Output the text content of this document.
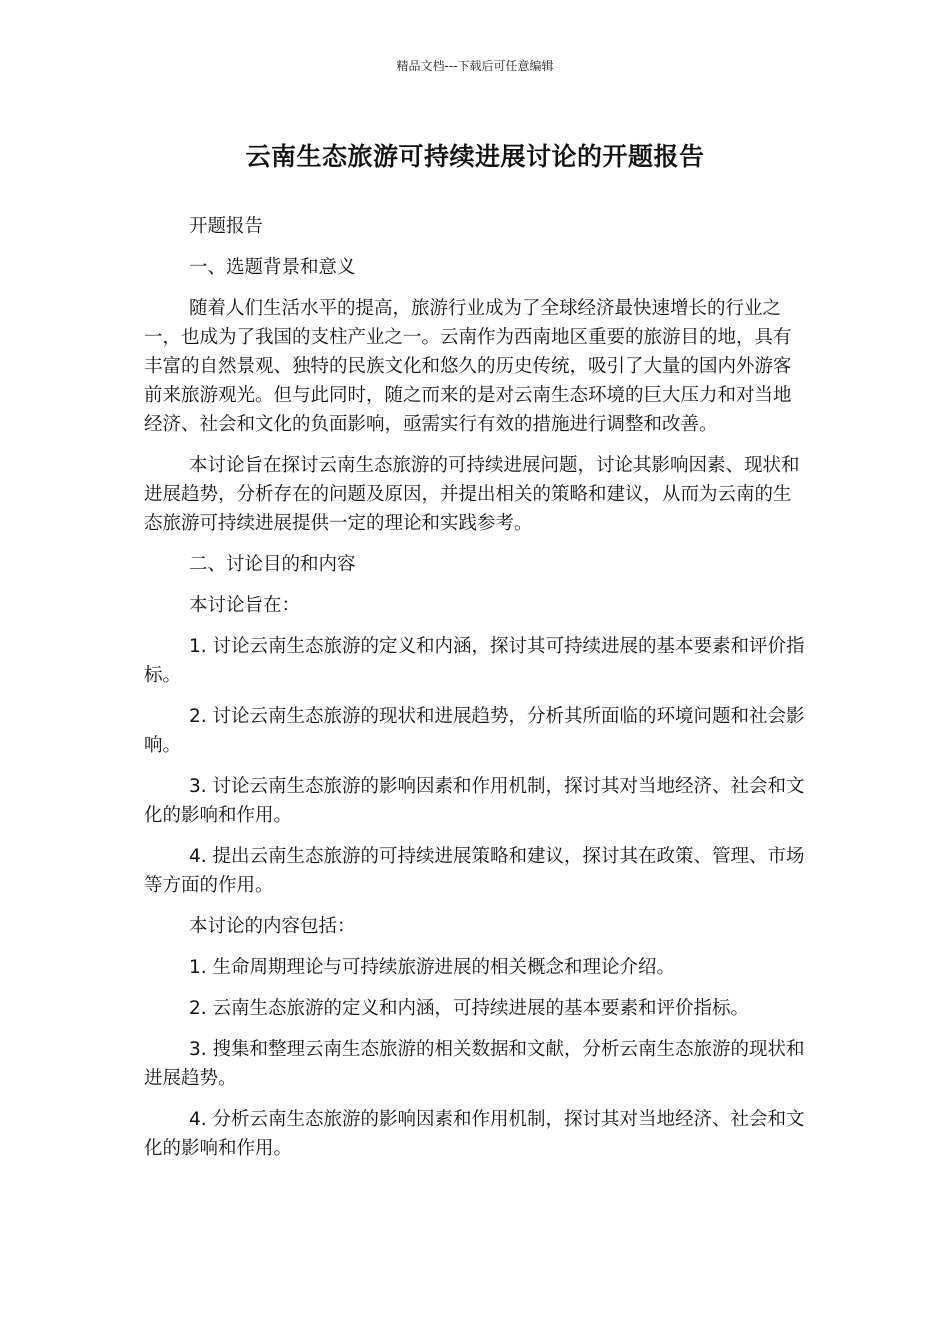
精品文档---下载后可任意编辑
云南生态旅游可持续进展讨论的开题报告

开题报告

一、选题背景和意义

随着人们生活水平的提高，旅游行业成为了全球经济最快速增长的行业之一，也成为了我国的支柱产业之一。云南作为西南地区重要的旅游目的地，具有丰富的自然景观、独特的民族文化和悠久的历史传统，吸引了大量的国内外游客前来旅游观光。但与此同时，随之而来的是对云南生态环境的巨大压力和对当地经济、社会和文化的负面影响，亟需实行有效的措施进行调整和改善。

本讨论旨在探讨云南生态旅游的可持续进展问题，讨论其影响因素、现状和进展趋势，分析存在的问题及原因，并提出相关的策略和建议，从而为云南的生态旅游可持续进展提供一定的理论和实践参考。

二、讨论目的和内容

本讨论旨在：

1. 讨论云南生态旅游的定义和内涵，探讨其可持续进展的基本要素和评价指标。

2. 讨论云南生态旅游的现状和进展趋势，分析其所面临的环境问题和社会影响。

3. 讨论云南生态旅游的影响因素和作用机制，探讨其对当地经济、社会和文化的影响和作用。

4. 提出云南生态旅游的可持续进展策略和建议，探讨其在政策、管理、市场等方面的作用。

本讨论的内容包括：

1. 生命周期理论与可持续旅游进展的相关概念和理论介绍。

2. 云南生态旅游的定义和内涵，可持续进展的基本要素和评价指标。

3. 搜集和整理云南生态旅游的相关数据和文献，分析云南生态旅游的现状和进展趋势。

4. 分析云南生态旅游的影响因素和作用机制，探讨其对当地经济、社会和文化的影响和作用。
